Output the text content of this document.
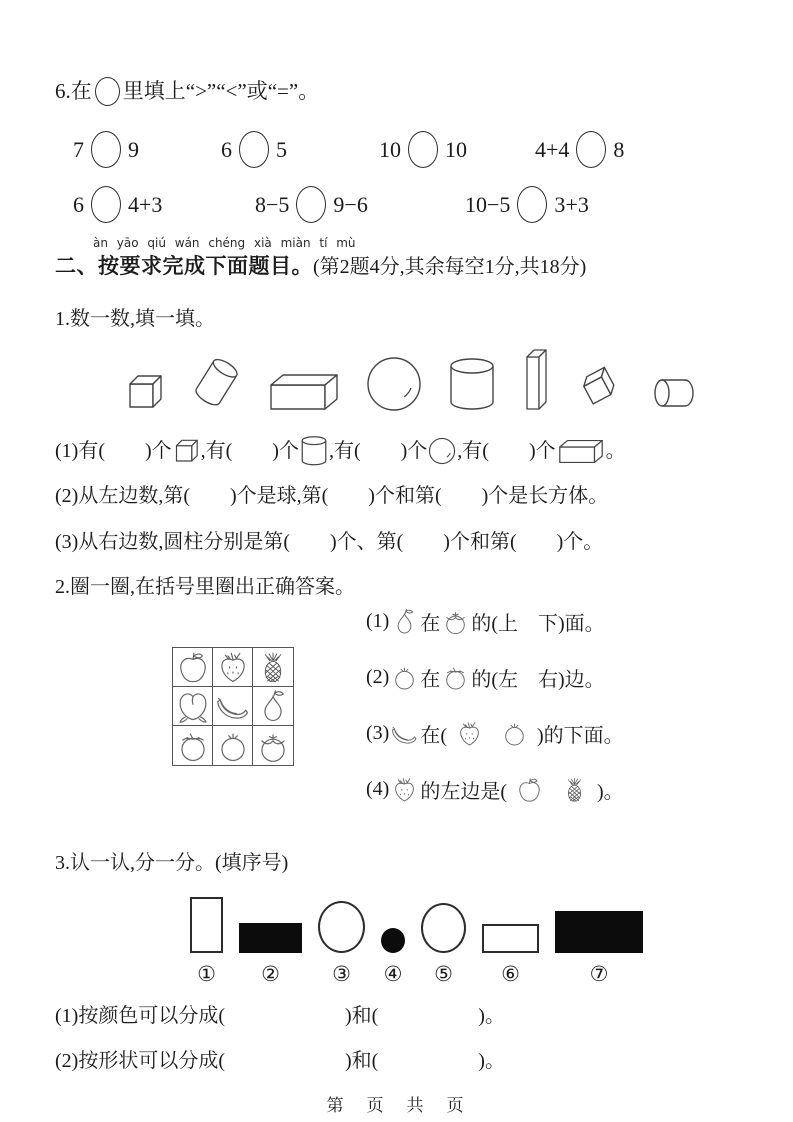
6.在 里填上“>”“<”或“=”。
7 9	6 5	10 10	4+4 8
6 4+3	8−5 9−6	10−5 3+3
àn yāo qiú wán chéng xià miàn tí mù
二、按要求完成下面题目。(第2题4分,其余每空1分,共18分)
1.数一数,填一填。
(1)有(　　)个 ,有(　　)个 ,有(　　)个 ,有(　　)个	。
(2)从左边数,第(　　)个是球,第(　　)个和第(　　)个是长方体。
(3)从右边数,圆柱分别是第(　　)个、第(　　)个和第(　　)个。
2.圈一圈,在括号里圈出正确答案。
(1) 在 的(上　下)面。
(2) 在 的(左　右)边。
(3) 在(	)的下面。
(4) 的左边是(	)。
3.认一认,分一分。(填序号)
① ② ③ ④ ⑤ ⑥	⑦
(1)按颜色可以分成(　　　　　　)和(　　　　　)。
(2)按形状可以分成(　　　　　　)和(　　　　　)。
第　页　共　页
